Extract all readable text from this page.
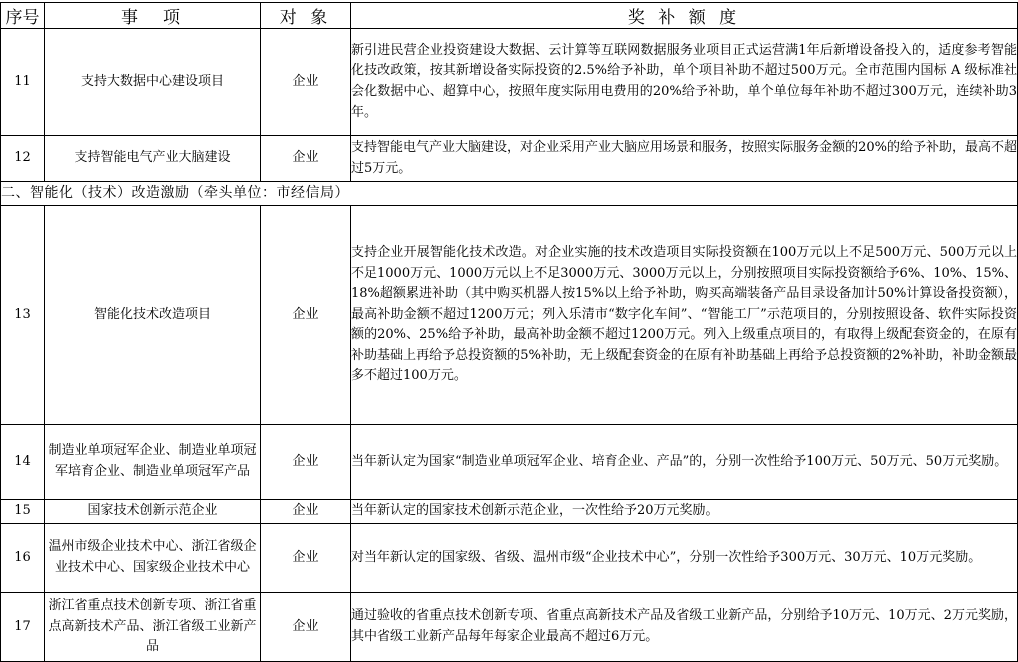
序号	事　项	对 象	奖 补 额 度
11	支持大数据中心建设项目	企业	新引进民营企业投资建设大数据、云计算等互联网数据服务业项目正式运营满1年后新增设备投入的，适度参考智能化技改政策，按其新增设备实际投资的2.5%给予补助，单个项目补助不超过500万元。全市范围内国标 A 级标准社会化数据中心、超算中心，按照年度实际用电费用的20%给予补助，单个单位每年补助不超过300万元，连续补助3年。
12	支持智能电气产业大脑建设	企业	支持智能电气产业大脑建设，对企业采用产业大脑应用场景和服务，按照实际服务金额的20%的给予补助，最高不超过5万元。
二、智能化（技术）改造激励（牵头单位：市经信局）			
13	智能化技术改造项目	企业	支持企业开展智能化技术改造。对企业实施的技术改造项目实际投资额在100万元以上不足500万元、500万元以上不足1000万元、1000万元以上不足3000万元、3000万元以上，分别按照项目实际投资额给予6%、10%、15%、18%超额累进补助（其中购买机器人按15%以上给予补助，购买高端装备产品目录设备加计50%计算设备投资额），最高补助金额不超过1200万元；列入乐清市“数字化车间”、“智能工厂”示范项目的，分别按照设备、软件实际投资额的20%、25%给予补助，最高补助金额不超过1200万元。列入上级重点项目的，有取得上级配套资金的，在原有补助基础上再给予总投资额的5%补助，无上级配套资金的在原有补助基础上再给予总投资额的2%补助，补助金额最多不超过100万元。
14	制造业单项冠军企业、制造业单项冠军培育企业、制造业单项冠军产品	企业	当年新认定为国家“制造业单项冠军企业、培育企业、产品”的，分别一次性给予100万元、50万元、50万元奖励。
15	国家技术创新示范企业	企业	当年新认定的国家技术创新示范企业，一次性给予20万元奖励。
16	温州市级企业技术中心、浙江省级企业技术中心、国家级企业技术中心	企业	对当年新认定的国家级、省级、温州市级“企业技术中心”，分别一次性给予300万元、30万元、10万元奖励。
17	浙江省重点技术创新专项、浙江省重点高新技术产品、浙江省级工业新产品	企业	通过验收的省重点技术创新专项、省重点高新技术产品及省级工业新产品，分别给予10万元、10万元、2万元奖励，其中省级工业新产品每年每家企业最高不超过6万元。
